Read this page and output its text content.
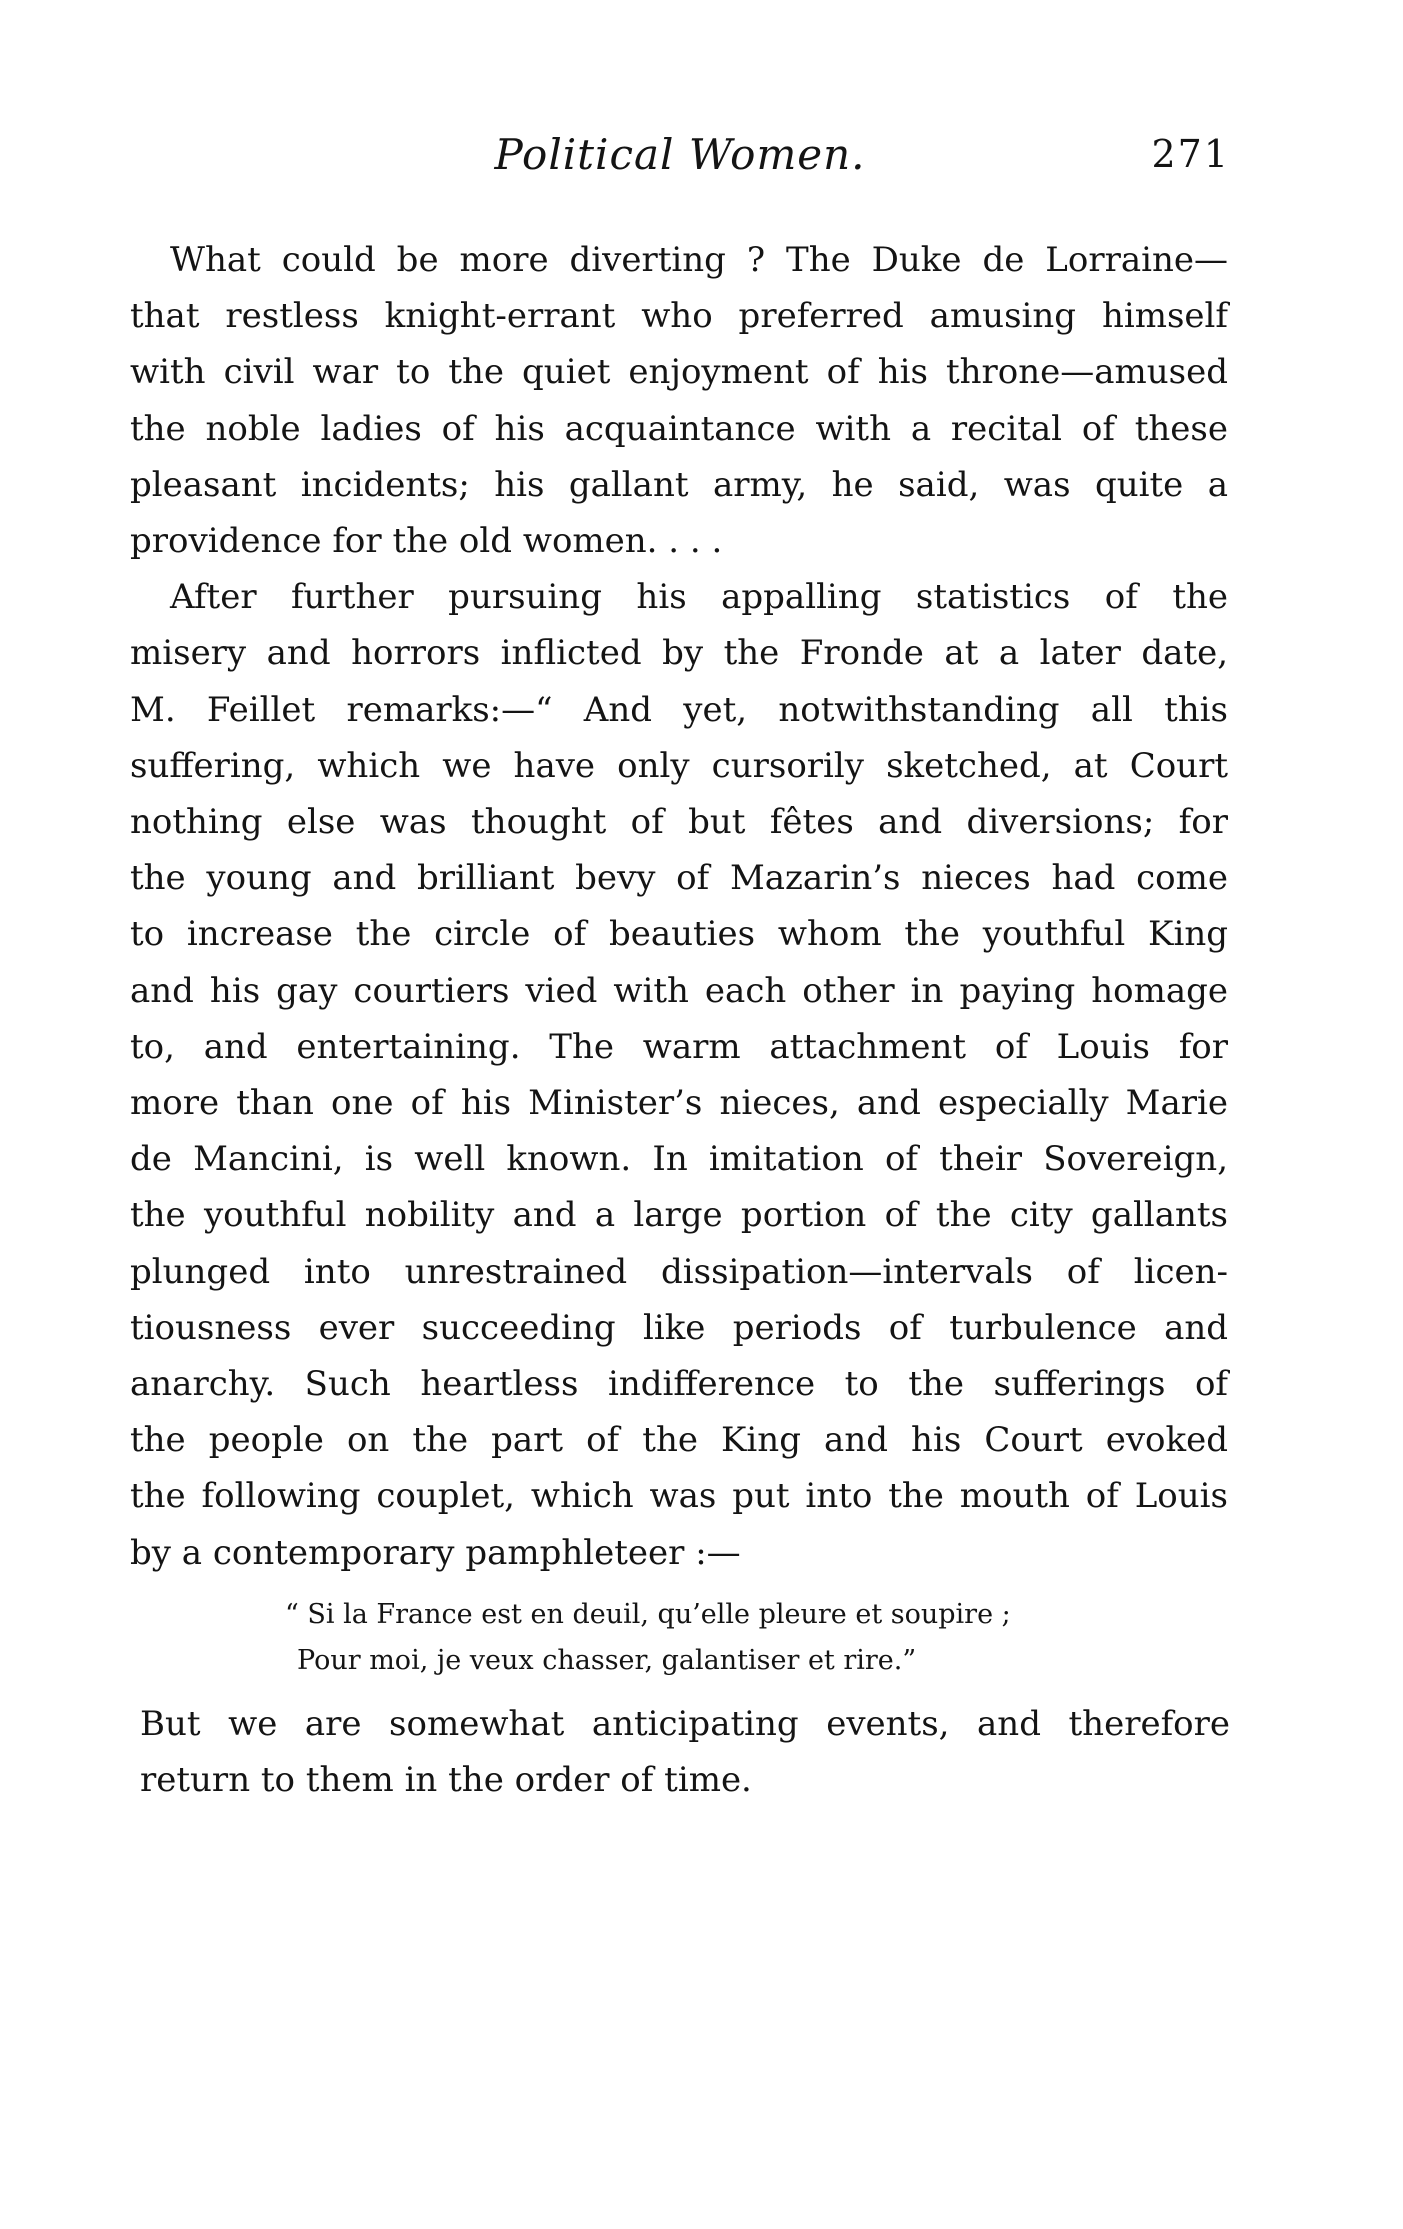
Political Women.	271

What could be more diverting ? The Duke de Lorraine—
that restless knight-errant who preferred amusing himself
with civil war to the quiet enjoyment of his throne—amused
the noble ladies of his acquaintance with a recital of these
pleasant incidents; his gallant army, he said, was quite a
providence for the old women. . . .

After further pursuing his appalling statistics of the
misery and horrors inflicted by the Fronde at a later date,
M. Feillet remarks:—“ And yet, notwithstanding all this
suffering, which we have only cursorily sketched, at Court
nothing else was thought of but fêtes and diversions; for
the young and brilliant bevy of Mazarin’s nieces had come
to increase the circle of beauties whom the youthful King
and his gay courtiers vied with each other in paying homage
to, and entertaining. The warm attachment of Louis for
more than one of his Minister’s nieces, and especially Marie
de Mancini, is well known. In imitation of their Sovereign,
the youthful nobility and a large portion of the city gallants
plunged into unrestrained dissipation—intervals of licen-
tiousness ever succeeding like periods of turbulence and
anarchy. Such heartless indifference to the sufferings of
the people on the part of the King and his Court evoked
the following couplet, which was put into the mouth of Louis
by a contemporary pamphleteer :—

“ Si la France est en deuil, qu’elle pleure et soupire ;
Pour moi, je veux chasser, galantiser et rire.”
But we are somewhat anticipating events, and therefore
return to them in the order of time.
